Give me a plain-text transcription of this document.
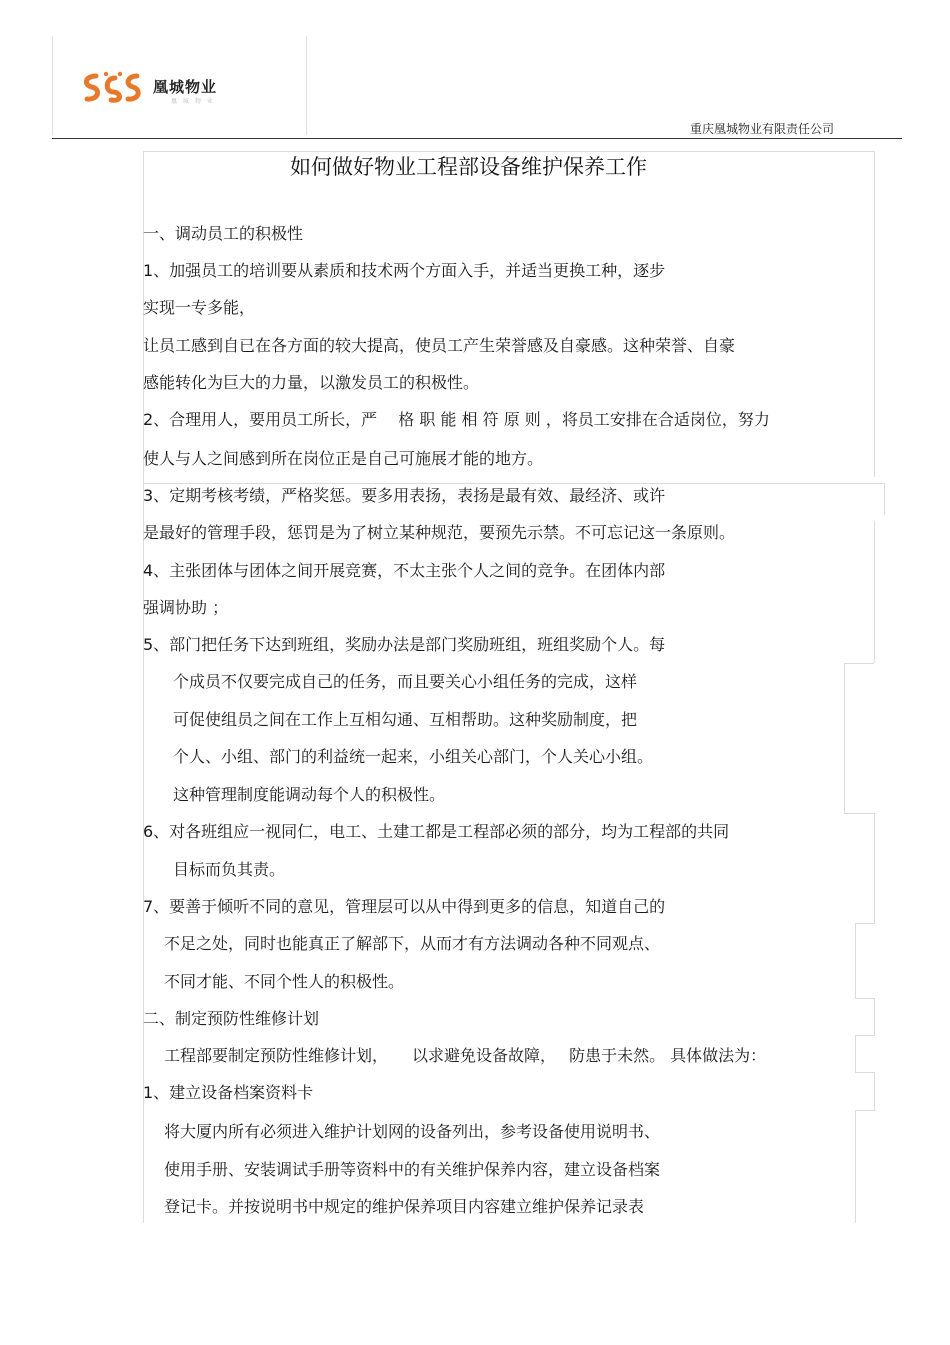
凰城物业
凰 城 物 业
重庆凰城物业有限责任公司
如何做好物业工程部设备维护保养工作
一、调动员工的积极性
1、加强员工的培训要从素质和技术两个方面入手，并适当更换工种，逐步
实现一专多能，
让员工感到自已在各方面的较大提高，使员工产生荣誉感及自豪感。这种荣誉、自豪
感能转化为巨大的力量，以激发员工的积极性。
2、合理用人，要用员工所长，严　 格 职 能 相 符 原 则 ，将员工安排在合适岗位，努力
使人与人之间感到所在岗位正是自己可施展才能的地方。
3、定期考核考绩，严格奖惩。要多用表扬，表扬是最有效、最经济、或许
是最好的管理手段，惩罚是为了树立某种规范，要预先示禁。不可忘记这一条原则。
4、主张团体与团体之间开展竞赛，不太主张个人之间的竞争。在团体内部
强调协助 ；
5、部门把任务下达到班组，奖励办法是部门奖励班组，班组奖励个人。每
个成员不仅要完成自己的任务，而且要关心小组任务的完成，这样
可促使组员之间在工作上互相勾通、互相帮助。这种奖励制度，把
个人、小组、部门的利益统一起来，小组关心部门，个人关心小组。
这种管理制度能调动每个人的积极性。
6、对各班组应一视同仁，电工、土建工都是工程部必须的部分，均为工程部的共同
目标而负其责。
7、要善于倾听不同的意见，管理层可以从中得到更多的信息，知道自己的
不足之处，同时也能真正了解部下，从而才有方法调动各种不同观点、
不同才能、不同个性人的积极性。
二、制定预防性维修计划
工程部要制定预防性维修计划，　　以求避免设备故障，　 防患于未然。 具体做法为：
1、建立设备档案资料卡
将大厦内所有必须进入维护计划网的设备列出，参考设备使用说明书、
使用手册、安装调试手册等资料中的有关维护保养内容，建立设备档案
登记卡。并按说明书中规定的维护保养项目内容建立维护保养记录表
